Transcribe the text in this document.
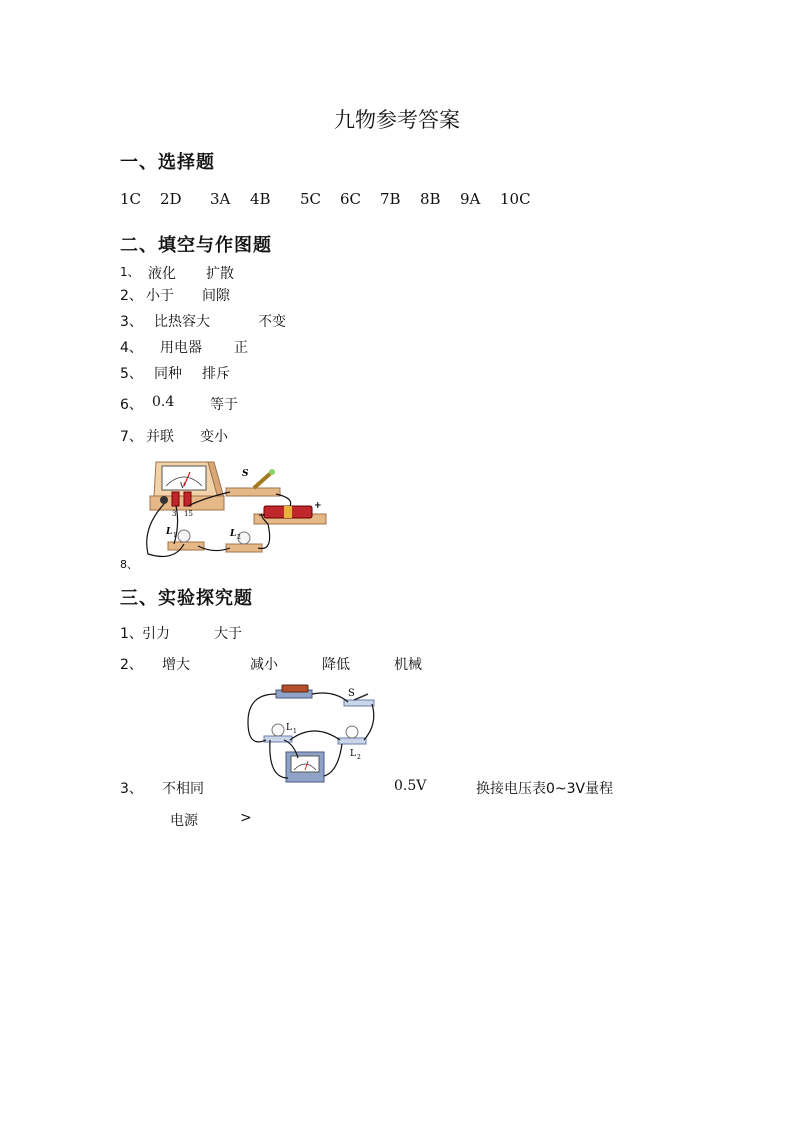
九物参考答案
一、选择题
1C 2D 3A 4B 5C 6C 7B 8B 9A 10C
二、填空与作图题
1、 液化 扩散
2、 小于 间隙
3、 比热容大	不变
4、 用电器 正
5、 同种 排斥
6、 0.4	等于
7、 并联 变小
V
3 15
S
−
+
L 1	L 2
8、
三、实验探究题
1、 引力	大于
2、 增大	减小	降低	机械
S
L 1
L 2
3、 不相同	0.5V	换接电压表0~3V量程
电源	>
